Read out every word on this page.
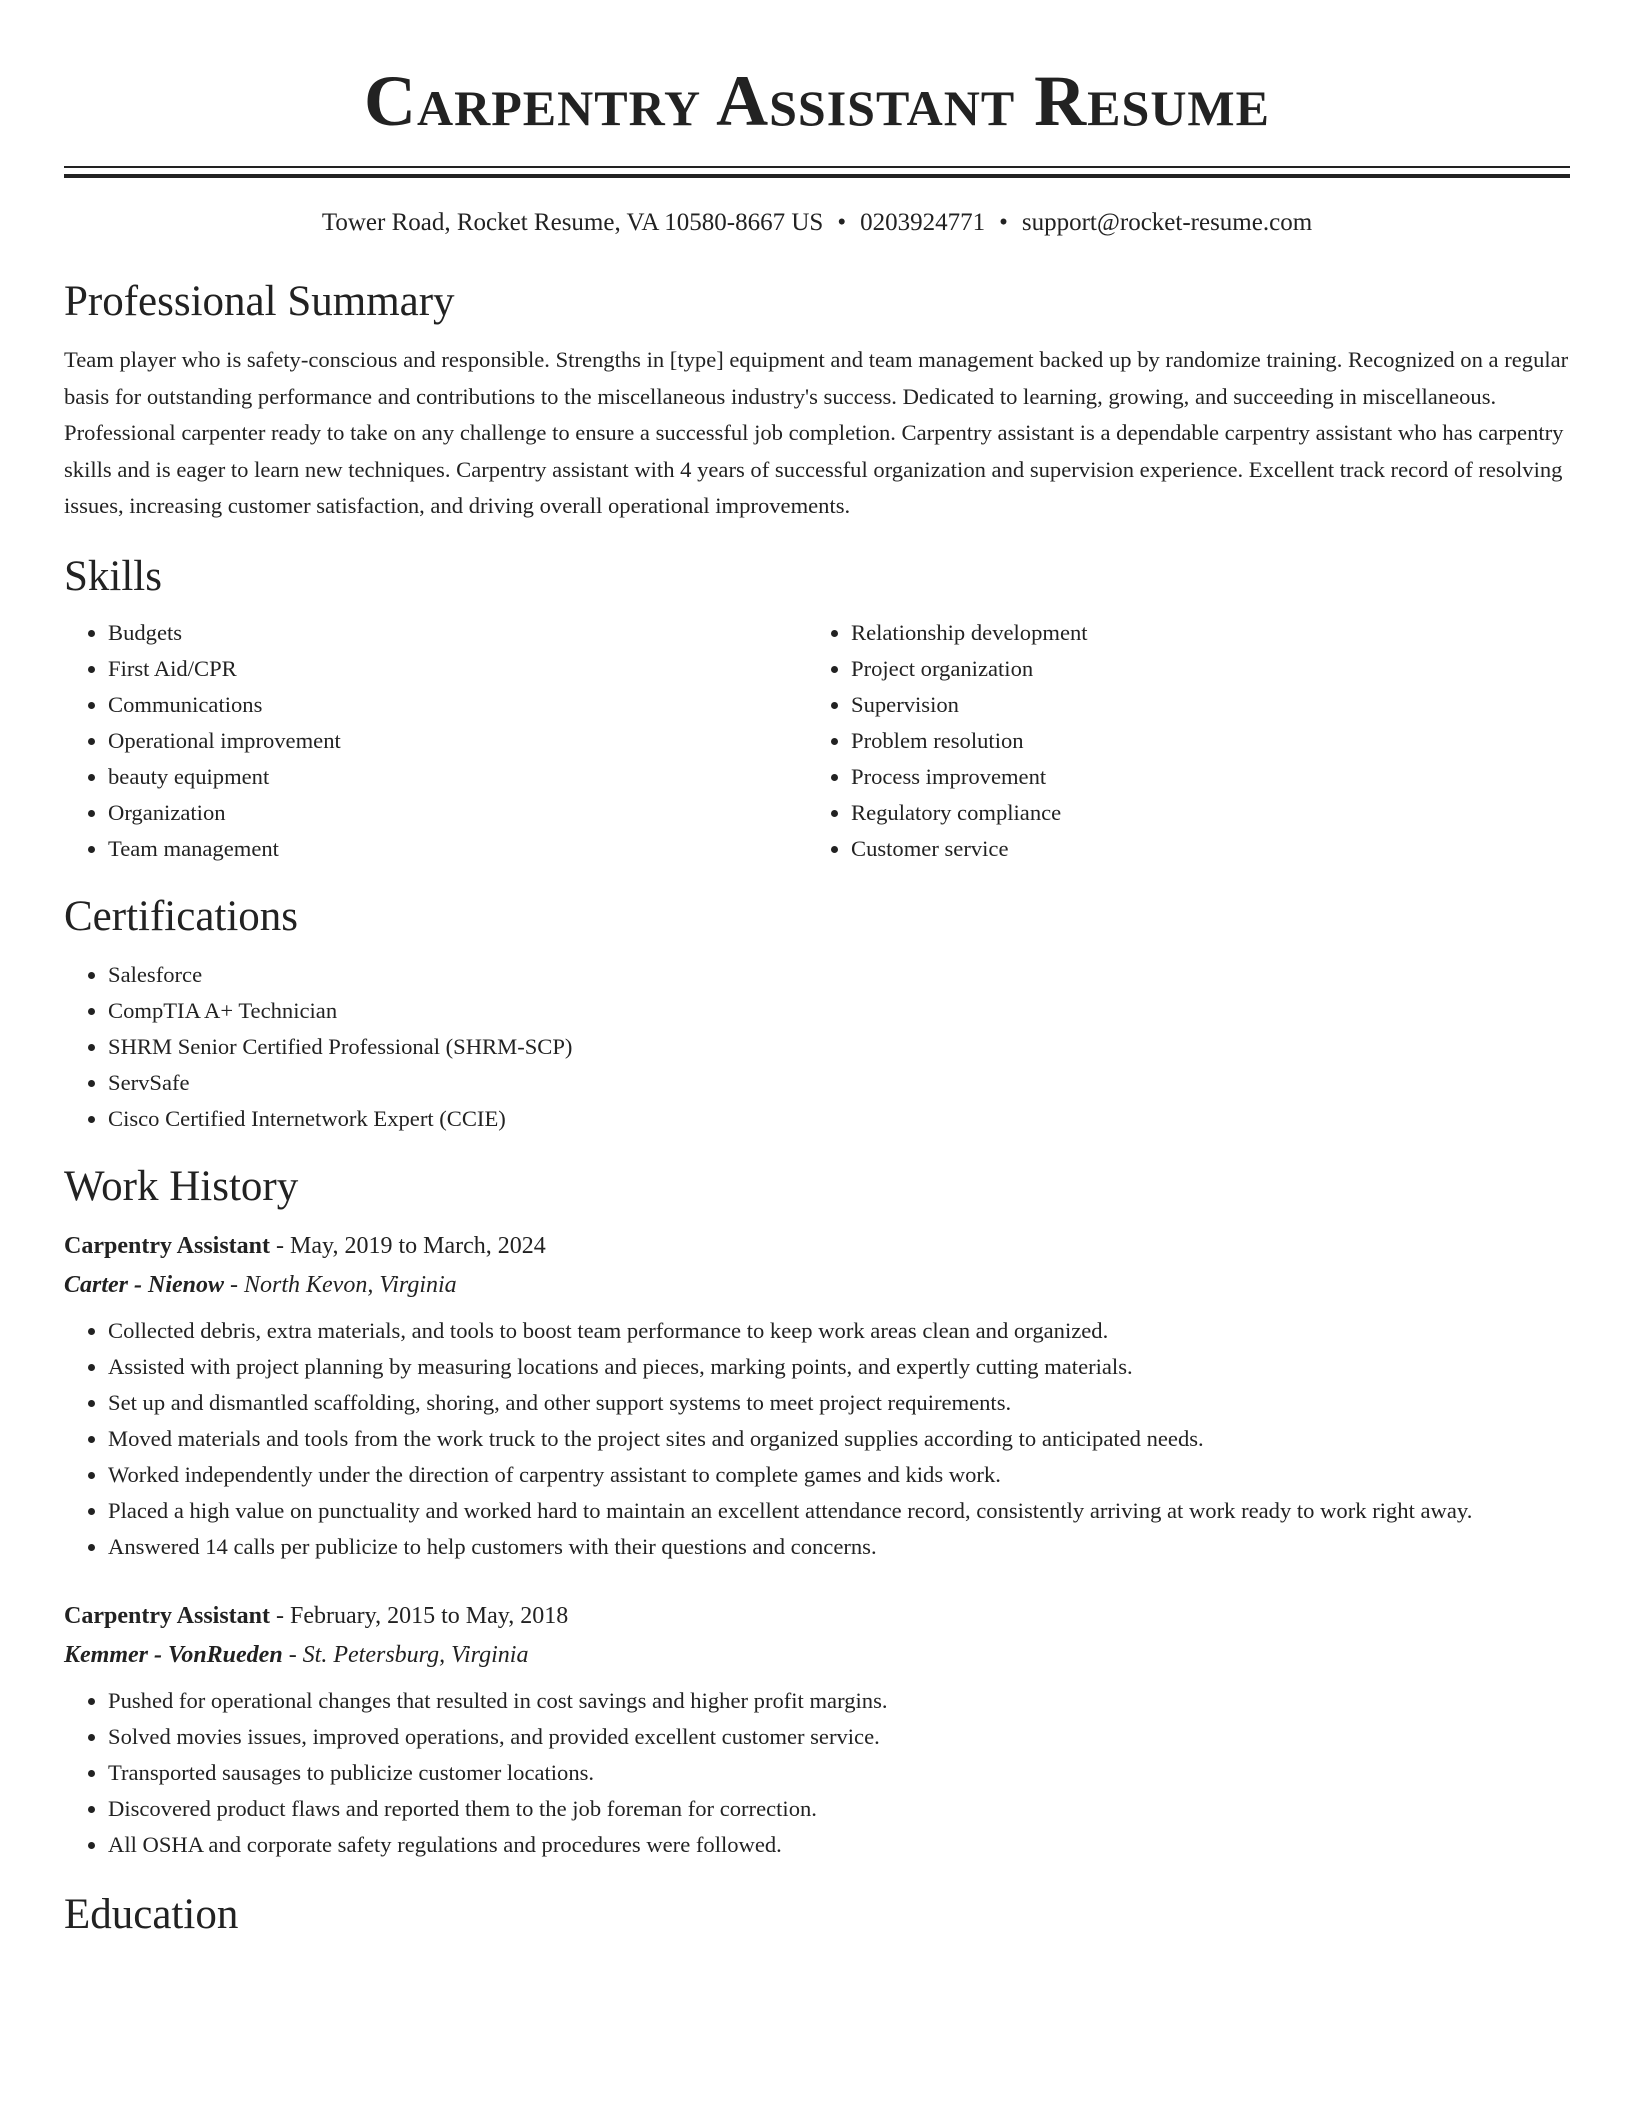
Carpentry Assistant Resume
Tower Road, Rocket Resume, VA 10580-8667 US • 0203924771 • support@rocket-resume.com
Professional Summary

Team player who is safety-conscious and responsible. Strengths in [type] equipment and team management backed up by randomize training. Recognized on a regular basis for outstanding performance and contributions to the miscellaneous industry's success. Dedicated to learning, growing, and succeeding in miscellaneous. Professional carpenter ready to take on any challenge to ensure a successful job completion. Carpentry assistant is a dependable carpentry assistant who has carpentry skills and is eager to learn new techniques. Carpentry assistant with 4 years of successful organization and supervision experience. Excellent track record of resolving issues, increasing customer satisfaction, and driving overall operational improvements.

Skills
• Budgets
• First Aid/CPR
• Communications
• Operational improvement
• beauty equipment
• Organization
• Team management
• Relationship development
• Project organization
• Supervision
• Problem resolution
• Process improvement
• Regulatory compliance
• Customer service
Certifications
• Salesforce
• CompTIA A+ Technician
• SHRM Senior Certified Professional (SHRM-SCP)
• ServSafe
• Cisco Certified Internetwork Expert (CCIE)
Work History
Carpentry Assistant - May, 2019 to March, 2024
Carter - Nienow - North Kevon, Virginia
• Collected debris, extra materials, and tools to boost team performance to keep work areas clean and organized.
• Assisted with project planning by measuring locations and pieces, marking points, and expertly cutting materials.
• Set up and dismantled scaffolding, shoring, and other support systems to meet project requirements.
• Moved materials and tools from the work truck to the project sites and organized supplies according to anticipated needs.
• Worked independently under the direction of carpentry assistant to complete games and kids work.
• Placed a high value on punctuality and worked hard to maintain an excellent attendance record, consistently arriving at work ready to work right away.
• Answered 14 calls per publicize to help customers with their questions and concerns.
Carpentry Assistant - February, 2015 to May, 2018
Kemmer - VonRueden - St. Petersburg, Virginia
• Pushed for operational changes that resulted in cost savings and higher profit margins.
• Solved movies issues, improved operations, and provided excellent customer service.
• Transported sausages to publicize customer locations.
• Discovered product flaws and reported them to the job foreman for correction.
• All OSHA and corporate safety regulations and procedures were followed.
Education
